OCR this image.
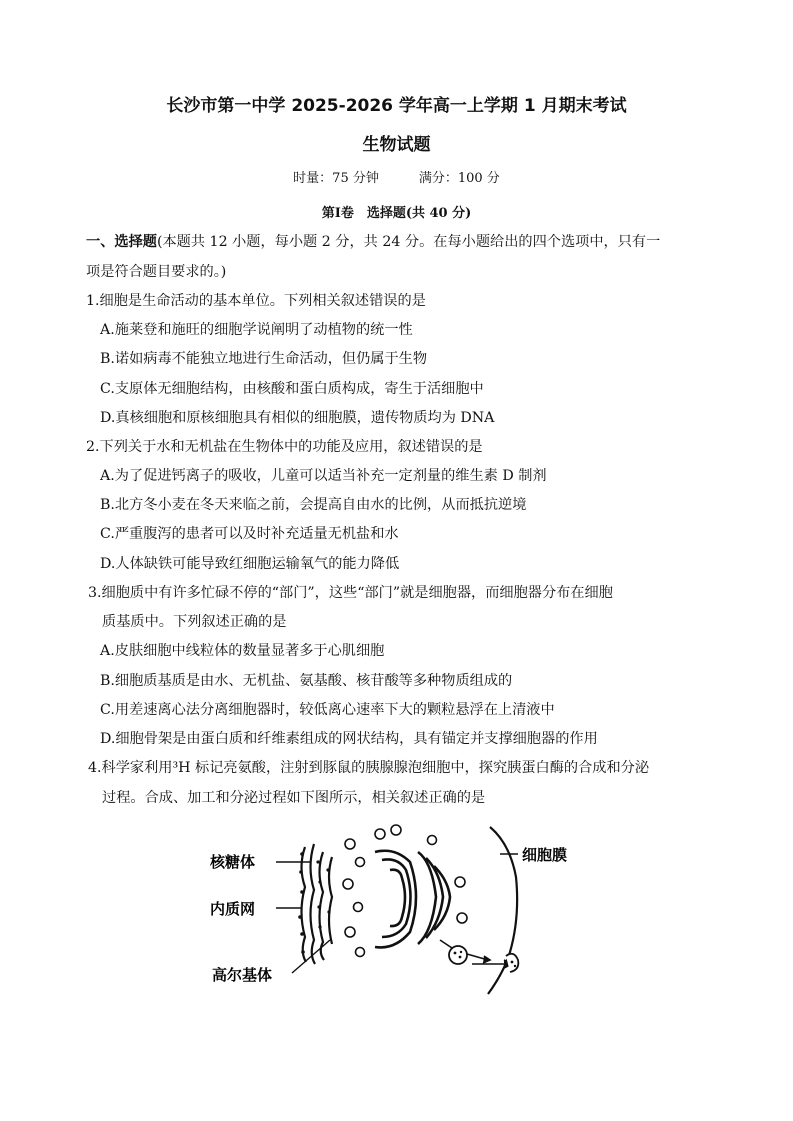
长沙市第一中学 2025-2026 学年高一上学期 1 月期末考试
生物试题
时量：75 分钟	满分：100 分
第Ⅰ卷　选择题(共 40 分)
一、选择题(本题共 12 小题，每小题 2 分，共 24 分。在每小题给出的四个选项中，只有一
项是符合题目要求的。)
1.细胞是生命活动的基本单位。下列相关叙述错误的是
A.施莱登和施旺的细胞学说阐明了动植物的统一性
B.诺如病毒不能独立地进行生命活动，但仍属于生物
C.支原体无细胞结构，由核酸和蛋白质构成，寄生于活细胞中
D.真核细胞和原核细胞具有相似的细胞膜，遗传物质均为 DNA
2.下列关于水和无机盐在生物体中的功能及应用，叙述错误的是
A.为了促进钙离子的吸收，儿童可以适当补充一定剂量的维生素 D 制剂
B.北方冬小麦在冬天来临之前，会提高自由水的比例，从而抵抗逆境
C.严重腹泻的患者可以及时补充适量无机盐和水
D.人体缺铁可能导致红细胞运输氧气的能力降低
3.细胞质中有许多忙碌不停的“部门”，这些“部门”就是细胞器，而细胞器分布在细胞
质基质中。下列叙述正确的是
A.皮肤细胞中线粒体的数量显著多于心肌细胞
B.细胞质基质是由水、无机盐、氨基酸、核苷酸等多种物质组成的
C.用差速离心法分离细胞器时，较低离心速率下大的颗粒悬浮在上清液中
D.细胞骨架是由蛋白质和纤维素组成的网状结构，具有锚定并支撑细胞器的作用
4.科学家利用³H 标记亮氨酸，注射到豚鼠的胰腺腺泡细胞中，探究胰蛋白酶的合成和分泌
过程。合成、加工和分泌过程如下图所示，相关叙述正确的是
核糖体
内质网
高尔基体
细胞膜
